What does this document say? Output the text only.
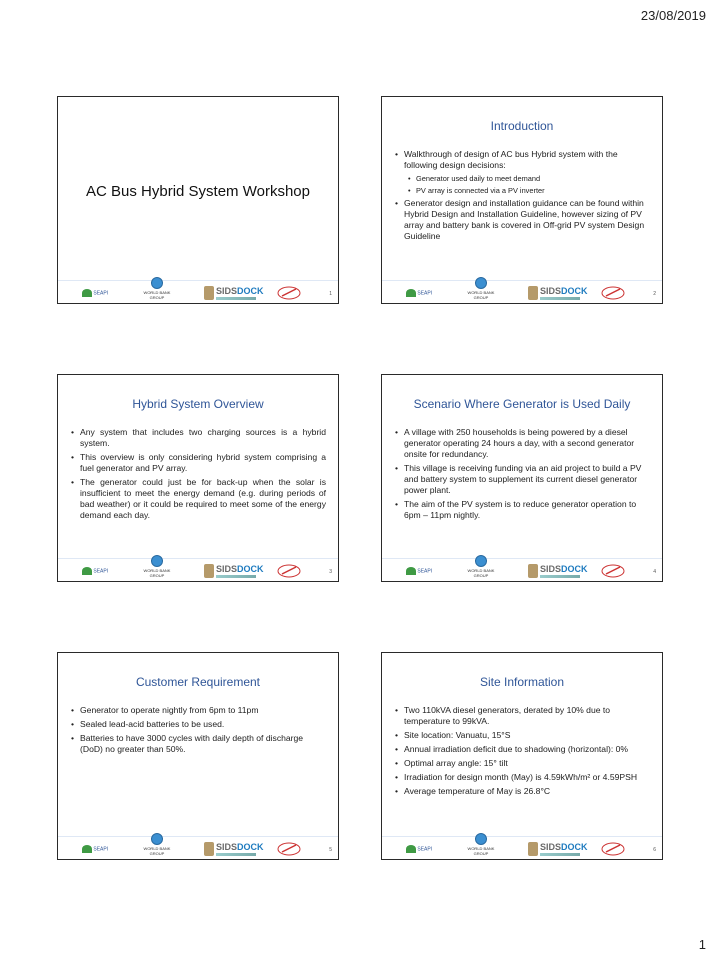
23/08/2019
AC Bus Hybrid System Workshop
SEAPI	WORLD BANK GROUP
SIDSDOCK	1
Introduction
• Walkthrough of design of AC bus Hybrid system with the following design decisions:
• Generator used daily to meet demand
• PV array is connected via a PV inverter
• Generator design and installation guidance can be found within Hybrid Design and Installation Guideline, however sizing of PV array and battery bank is covered in Off-grid PV system Design Guideline
SEAPI	WORLD BANK GROUP
SIDSDOCK	2
Hybrid System Overview
• Any system that includes two charging sources is a hybrid system.
• This overview is only considering hybrid system comprising a fuel generator and PV array.
• The generator could just be for back-up when the solar is insufficient to meet the energy demand (e.g. during periods of bad weather) or it could be required to meet some of the energy demand each day.
SEAPI	WORLD BANK GROUP
SIDSDOCK	3
Scenario Where Generator is Used Daily
• A village with 250 households is being powered by a diesel generator operating 24 hours a day, with a second generator onsite for redundancy.
• This village is receiving funding via an aid project to build a PV and battery system to supplement its current diesel generator power plant.
• The aim of the PV system is to reduce generator operation to 6pm – 11pm nightly.
SEAPI	WORLD BANK GROUP
SIDSDOCK	4
Customer Requirement
• Generator to operate nightly from 6pm to 11pm
• Sealed lead-acid batteries to be used.
• Batteries to have 3000 cycles with daily depth of discharge (DoD) no greater than 50%.
SEAPI	WORLD BANK GROUP
SIDSDOCK	5
Site Information
• Two 110kVA diesel generators, derated by 10% due to temperature to 99kVA.
• Site location: Vanuatu, 15°S
• Annual irradiation deficit due to shadowing (horizontal): 0%
• Optimal array angle: 15° tilt
• Irradiation for design month (May) is 4.59kWh/m² or 4.59PSH
• Average temperature of May is 26.8°C
SEAPI	WORLD BANK GROUP
SIDSDOCK	6
1
